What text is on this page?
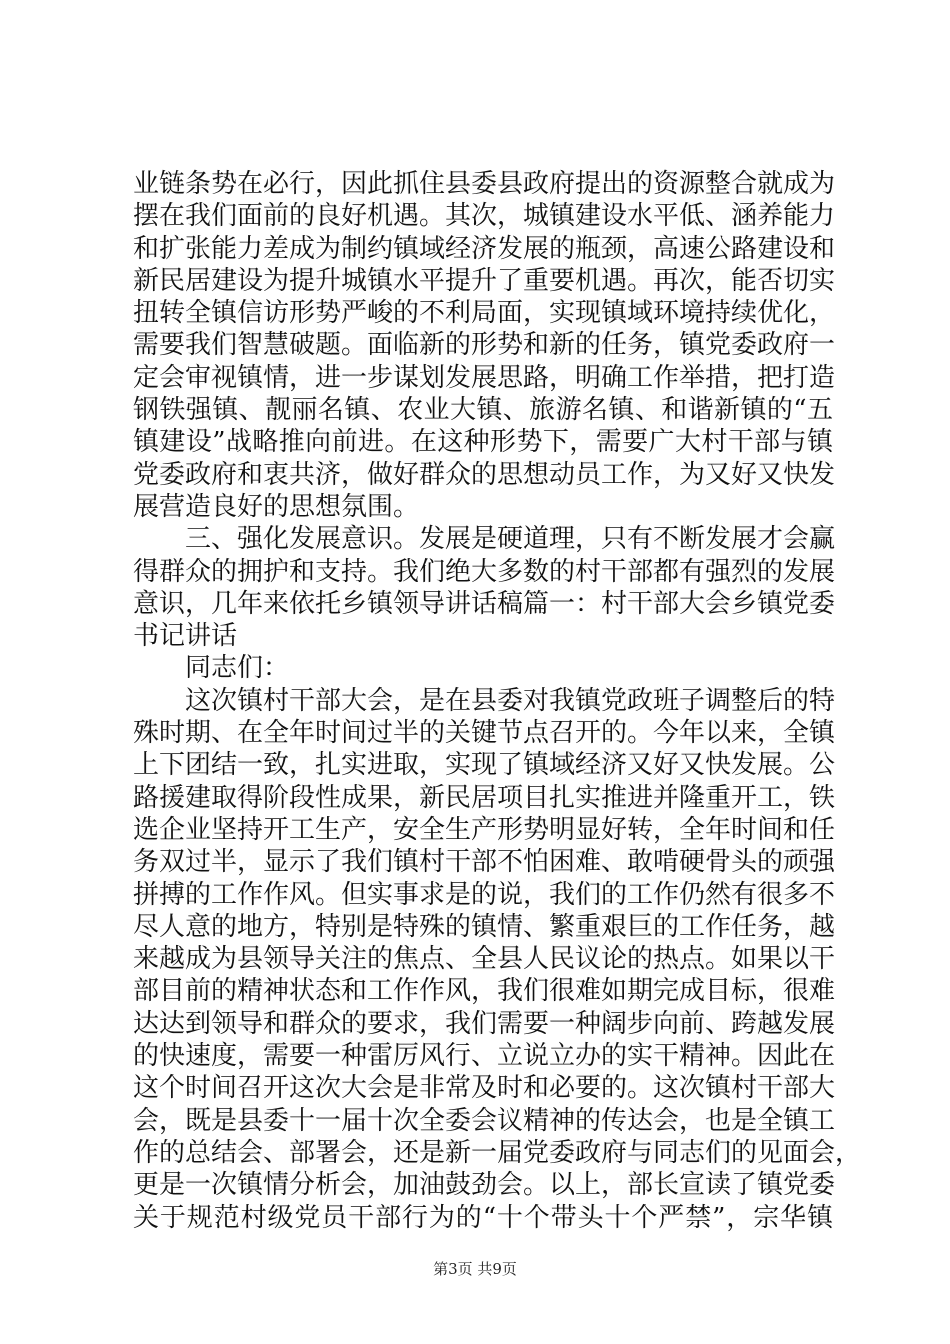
业链条势在必行，因此抓住县委县政府提出的资源整合就成为
摆在我们面前的良好机遇。其次，城镇建设水平低、涵养能力
和扩张能力差成为制约镇域经济发展的瓶颈，高速公路建设和
新民居建设为提升城镇水平提升了重要机遇。再次，能否切实
扭转全镇信访形势严峻的不利局面，实现镇域环境持续优化，
需要我们智慧破题。面临新的形势和新的任务，镇党委政府一
定会审视镇情，进一步谋划发展思路，明确工作举措，把打造
钢铁强镇、靓丽名镇、农业大镇、旅游名镇、和谐新镇的“五
镇建设”战略推向前进。在这种形势下，需要广大村干部与镇
党委政府和衷共济，做好群众的思想动员工作，为又好又快发
展营造良好的思想氛围。
三、强化发展意识。发展是硬道理，只有不断发展才会赢
得群众的拥护和支持。我们绝大多数的村干部都有强烈的发展
意识，几年来依托乡镇领导讲话稿篇一：村干部大会乡镇党委
书记讲话
同志们：
这次镇村干部大会，是在县委对我镇党政班子调整后的特
殊时期、在全年时间过半的关键节点召开的。今年以来，全镇
上下团结一致，扎实进取，实现了镇域经济又好又快发展。公
路援建取得阶段性成果，新民居项目扎实推进并隆重开工，铁
选企业坚持开工生产，安全生产形势明显好转，全年时间和任
务双过半，显示了我们镇村干部不怕困难、敢啃硬骨头的顽强
拼搏的工作作风。但实事求是的说，我们的工作仍然有很多不
尽人意的地方，特别是特殊的镇情、繁重艰巨的工作任务，越
来越成为县领导关注的焦点、全县人民议论的热点。如果以干
部目前的精神状态和工作作风，我们很难如期完成目标，很难
达达到领导和群众的要求，我们需要一种阔步向前、跨越发展
的快速度，需要一种雷厉风行、立说立办的实干精神。因此在
这个时间召开这次大会是非常及时和必要的。这次镇村干部大
会，既是县委十一届十次全委会议精神的传达会，也是全镇工
作的总结会、部署会，还是新一届党委政府与同志们的见面会，
更是一次镇情分析会，加油鼓劲会。以上，部长宣读了镇党委
关于规范村级党员干部行为的“十个带头十个严禁”，宗华镇
第3页 共9页
